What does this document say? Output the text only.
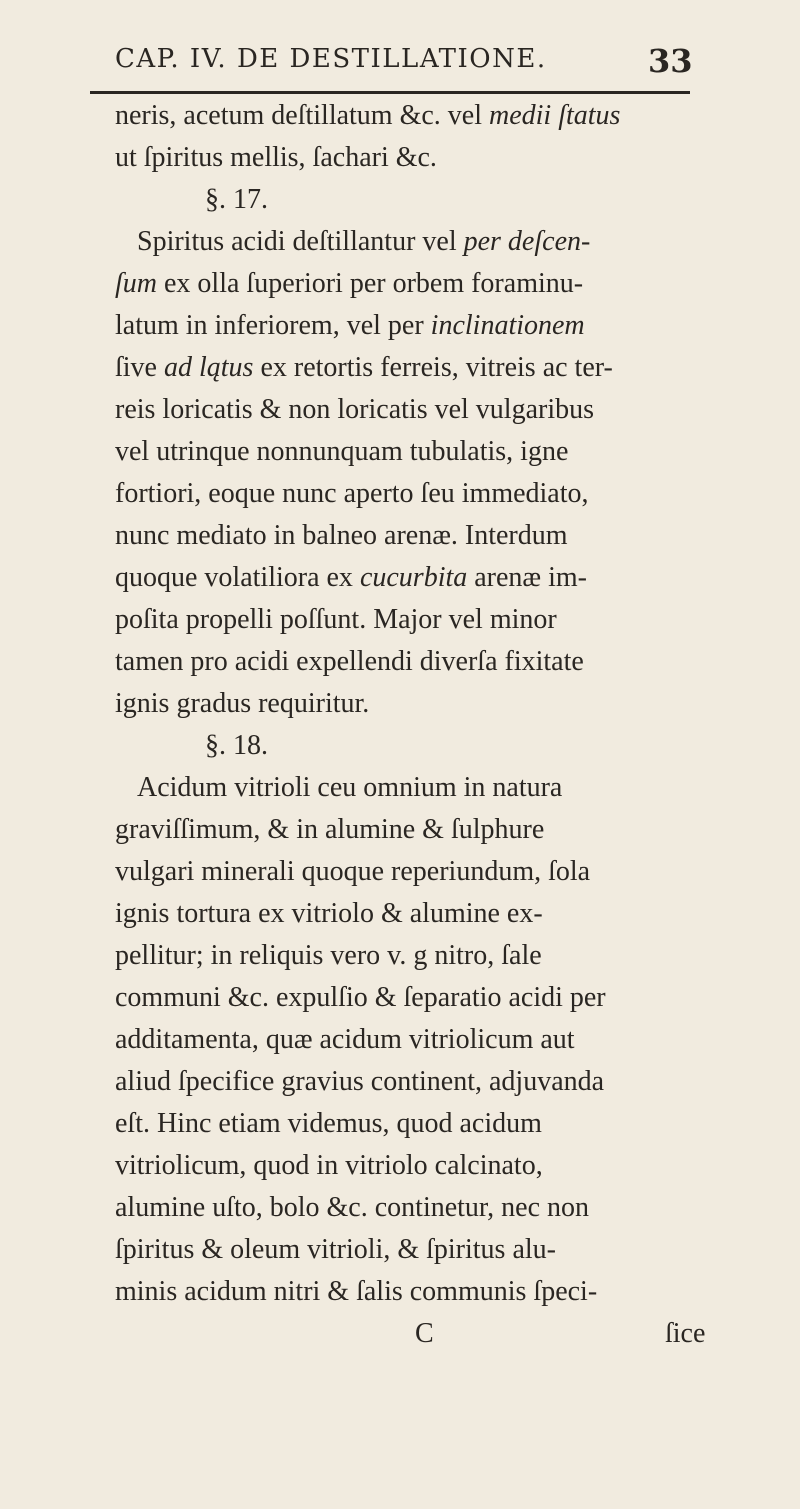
CAP. IV. DE DESTILLATIONE.	33
neris, acetum deſtillatum &c. vel medii ſtatus
ut ſpiritus mellis, ſachari &c.
§. 17.
Spiritus acidi deſtillantur vel per deſcen-
ſum ex olla ſuperiori per orbem foraminu-
latum in inferiorem, vel per inclinationem
ſive ad lątus ex retortis ferreis, vitreis ac ter-
reis loricatis & non loricatis vel vulgaribus
vel utrinque nonnunquam tubulatis, igne
fortiori, eoque nunc aperto ſeu immediato,
nunc mediato in balneo arenæ. Interdum
quoque volatiliora ex cucurbita arenæ im-
poſita propelli poſſunt. Major vel minor
tamen pro acidi expellendi diverſa fixitate
ignis gradus requiritur.
§. 18.
Acidum vitrioli ceu omnium in natura
graviſſimum, & in alumine & ſulphure
vulgari minerali quoque reperiundum, ſola
ignis tortura ex vitriolo & alumine ex-
pellitur; in reliquis vero v. g nitro, ſale
communi &c. expulſio & ſeparatio acidi per
additamenta, quæ acidum vitriolicum aut
aliud ſpecifice gravius continent, adjuvanda
eſt. Hinc etiam videmus, quod acidum
vitriolicum, quod in vitriolo calcinato,
alumine uſto, bolo &c. continetur, nec non
ſpiritus & oleum vitrioli, & ſpiritus alu-
minis acidum nitri & ſalis communis ſpeci-
C	ſice
